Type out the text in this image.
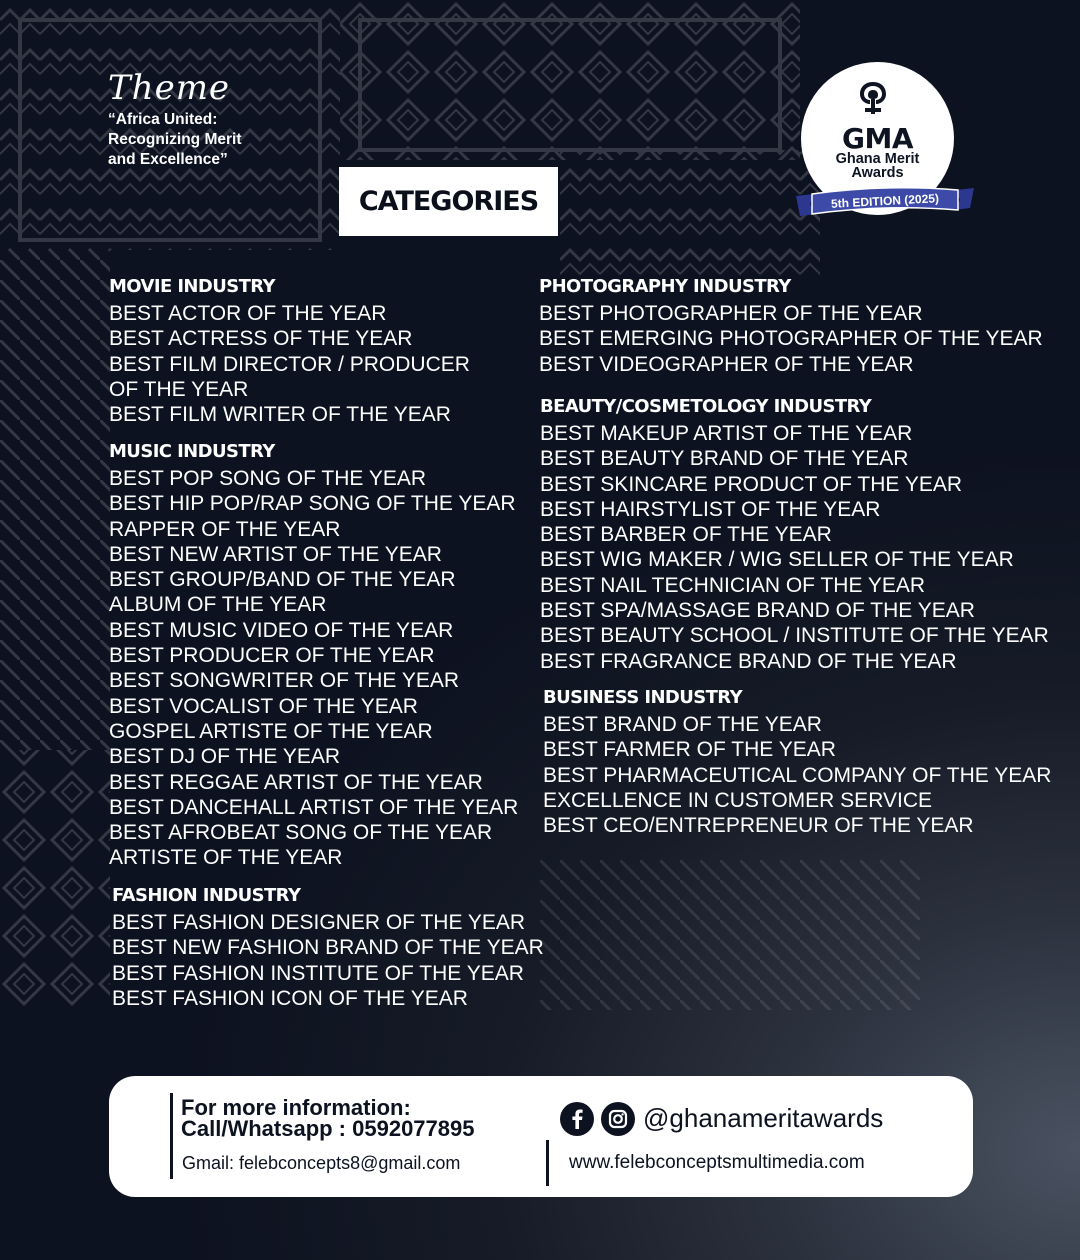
Theme
“Africa United:
Recognizing Merit
and Excellence”
CATEGORIES
GMA
Ghana Merit
Awards
5th EDITION (2025)
MOVIE INDUSTRY
BEST ACTOR OF THE YEAR
BEST ACTRESS OF THE YEAR
BEST FILM DIRECTOR / PRODUCER
OF THE YEAR
BEST FILM WRITER OF THE YEAR
MUSIC INDUSTRY
BEST POP SONG OF THE YEAR
BEST HIP POP/RAP SONG OF THE YEAR
RAPPER OF THE YEAR
BEST NEW ARTIST OF THE YEAR
BEST GROUP/BAND OF THE YEAR
ALBUM OF THE YEAR
BEST MUSIC VIDEO OF THE YEAR
BEST PRODUCER OF THE YEAR
BEST SONGWRITER OF THE YEAR
BEST VOCALIST OF THE YEAR
GOSPEL ARTISTE OF THE YEAR
BEST DJ OF THE YEAR
BEST REGGAE ARTIST OF THE YEAR
BEST DANCEHALL ARTIST OF THE YEAR
BEST AFROBEAT SONG OF THE YEAR
ARTISTE OF THE YEAR
FASHION INDUSTRY
BEST FASHION DESIGNER OF THE YEAR
BEST NEW FASHION BRAND OF THE YEAR
BEST FASHION INSTITUTE OF THE YEAR
BEST FASHION ICON OF THE YEAR
PHOTOGRAPHY INDUSTRY
BEST PHOTOGRAPHER OF THE YEAR
BEST EMERGING PHOTOGRAPHER OF THE YEAR
BEST VIDEOGRAPHER OF THE YEAR
BEAUTY/COSMETOLOGY INDUSTRY
BEST MAKEUP ARTIST OF THE YEAR
BEST BEAUTY BRAND OF THE YEAR
BEST SKINCARE PRODUCT OF THE YEAR
BEST HAIRSTYLIST OF THE YEAR
BEST BARBER OF THE YEAR
BEST WIG MAKER / WIG SELLER OF THE YEAR
BEST NAIL TECHNICIAN OF THE YEAR
BEST SPA/MASSAGE BRAND OF THE YEAR
BEST BEAUTY SCHOOL / INSTITUTE OF THE YEAR
BEST FRAGRANCE BRAND OF THE YEAR
BUSINESS INDUSTRY
BEST BRAND OF THE YEAR
BEST FARMER OF THE YEAR
BEST PHARMACEUTICAL COMPANY OF THE YEAR
EXCELLENCE IN CUSTOMER SERVICE
BEST CEO/ENTREPRENEUR OF THE YEAR
For more information:
Call/Whatsapp : 0592077895
Gmail: felebconcepts8@gmail.com
@ghanameritawards
www.felebconceptsmultimedia.com
